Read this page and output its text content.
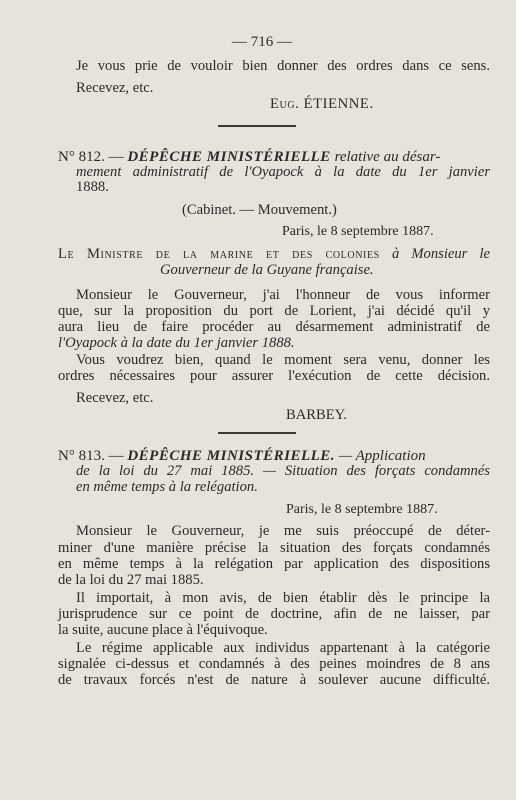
— 716 —
Je vous prie de vouloir bien donner des ordres dans ce sens.
Recevez, etc.
Eug. ÉTIENNE.
N° 812. — DÉPÊCHE MINISTÉRIELLE relative au désar-
mement administratif de l'Oyapock à la date du 1er janvier
1888.
(Cabinet. — Mouvement.)
Paris, le 8 septembre 1887.
Le Ministre de la marine et des colonies à Monsieur le
Gouverneur de la Guyane française.
Monsieur le Gouverneur, j'ai l'honneur de vous informer
que, sur la proposition du port de Lorient, j'ai décidé qu'il y
aura lieu de faire procéder au désarmement administratif de
l'Oyapock à la date du 1er janvier 1888.
Vous voudrez bien, quand le moment sera venu, donner les
ordres nécessaires pour assurer l'exécution de cette décision.
Recevez, etc.
BARBEY.
N° 813. — DÉPÊCHE MINISTÉRIELLE. — Application
de la loi du 27 mai 1885. — Situation des forçats condamnés
en même temps à la relégation.
Paris, le 8 septembre 1887.
Monsieur le Gouverneur, je me suis préoccupé de déter-
miner d'une manière précise la situation des forçats condamnés
en même temps à la relégation par application des dispositions
de la loi du 27 mai 1885.
Il importait, à mon avis, de bien établir dès le principe la
jurisprudence sur ce point de doctrine, afin de ne laisser, par
la suite, aucune place à l'équivoque.
Le régime applicable aux individus appartenant à la catégorie
signalée ci-dessus et condamnés à des peines moindres de 8 ans
de travaux forcés n'est de nature à soulever aucune difficulté.
